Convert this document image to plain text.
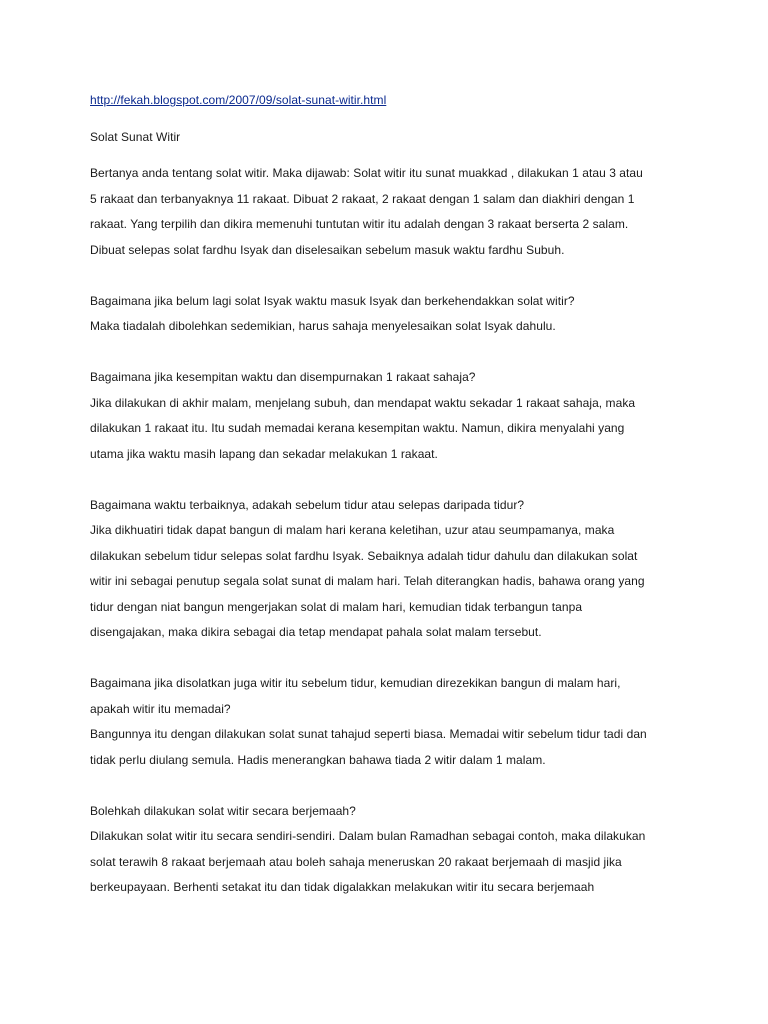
http://fekah.blogspot.com/2007/09/solat-sunat-witir.html
Solat Sunat Witir
Bertanya anda tentang solat witir. Maka dijawab: Solat witir itu sunat muakkad , dilakukan 1 atau 3 atau
5 rakaat dan terbanyaknya 11 rakaat. Dibuat 2 rakaat, 2 rakaat dengan 1 salam dan diakhiri dengan 1
rakaat. Yang terpilih dan dikira memenuhi tuntutan witir itu adalah dengan 3 rakaat berserta 2 salam.
Dibuat selepas solat fardhu Isyak dan diselesaikan sebelum masuk waktu fardhu Subuh.
Bagaimana jika belum lagi solat Isyak waktu masuk Isyak dan berkehendakkan solat witir?
Maka tiadalah dibolehkan sedemikian, harus sahaja menyelesaikan solat Isyak dahulu.
Bagaimana jika kesempitan waktu dan disempurnakan 1 rakaat sahaja?
Jika dilakukan di akhir malam, menjelang subuh, dan mendapat waktu sekadar 1 rakaat sahaja, maka
dilakukan 1 rakaat itu. Itu sudah memadai kerana kesempitan waktu. Namun, dikira menyalahi yang
utama jika waktu masih lapang dan sekadar melakukan 1 rakaat.
Bagaimana waktu terbaiknya, adakah sebelum tidur atau selepas daripada tidur?
Jika dikhuatiri tidak dapat bangun di malam hari kerana keletihan, uzur atau seumpamanya, maka
dilakukan sebelum tidur selepas solat fardhu Isyak. Sebaiknya adalah tidur dahulu dan dilakukan solat
witir ini sebagai penutup segala solat sunat di malam hari. Telah diterangkan hadis, bahawa orang yang
tidur dengan niat bangun mengerjakan solat di malam hari, kemudian tidak terbangun tanpa
disengajakan, maka dikira sebagai dia tetap mendapat pahala solat malam tersebut.
Bagaimana jika disolatkan juga witir itu sebelum tidur, kemudian direzekikan bangun di malam hari,
apakah witir itu memadai?
Bangunnya itu dengan dilakukan solat sunat tahajud seperti biasa. Memadai witir sebelum tidur tadi dan
tidak perlu diulang semula. Hadis menerangkan bahawa tiada 2 witir dalam 1 malam.
Bolehkah dilakukan solat witir secara berjemaah?
Dilakukan solat witir itu secara sendiri-sendiri. Dalam bulan Ramadhan sebagai contoh, maka dilakukan
solat terawih 8 rakaat berjemaah atau boleh sahaja meneruskan 20 rakaat berjemaah di masjid jika
berkeupayaan. Berhenti setakat itu dan tidak digalakkan melakukan witir itu secara berjemaah
